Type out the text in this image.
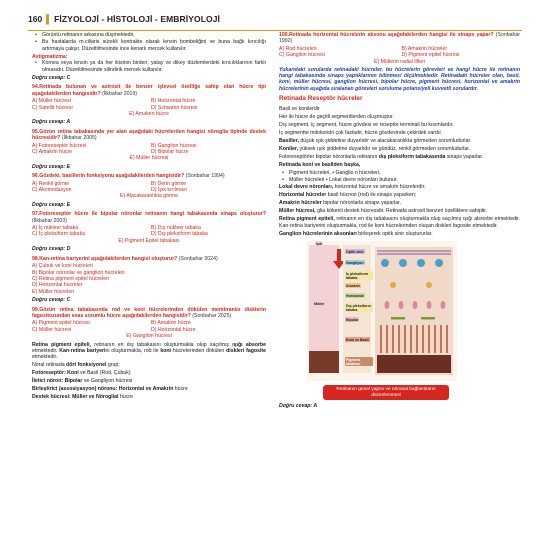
160 ▌ FİZYOLOJİ - HİSTOLOJİ - EMBRİYOLOJİ
• Görüntü retinanın arkasına düşmektedir.
• Bu hastalarda m.ciliaris sürekli kontrakte olarak lensin bombeliğini ve buna bağlı kırıcılığı artırmaya çalışır. Düzeltilmesinde ince kenarlı mercek kullanılır.
Astigmatizma:
• Kornea veya lensin ya da her ikisinin birden, yatay ve dikey düzlemlerdeki kırıcılıklarının farklı olmasıdır. Düzeltilmesinde silindirik mercek kullanılır.
Doğru cevap: C
94.Retinada bulunan ve astrosit ile benzer işlevsel özelliğe sahip olan hücre tipi aşağıdakilerden hangisidir? (İlkbahar 2019)
A) Müller hücresi	B) Horizontal hücre
C) Satellit hücresi	D) Schwann hücresi
E) Amakrin hücre
Doğru cevap: A
95.Gözün retina tabakasında yer alan aşağıdaki hücrelerden hangisi nöroglia tipinde destek hücresidir? (İlkbahar 2005)
A) Fotoreseptör hücresi	B) Ganglion hücresi
C) Amakrin hücre	D) Bipolar hücre
E) Müller hücresi
Doğru cevap: E
96.Gözdeki, basillerin fonksiyonu aşağıdakilerden hangisidir? (Sonbahar 1994)
A) Renkli görme	B) Derin görme
C) Akomodasyon	D) Işık kırılması
E) Alacakaranlıkta görme
Doğru cevap: E
97.Fotoreseptör hücre ile bipolar nöronlar retinanın hangi tabakasında sinaps oluşturur? (İlkbahar 2003)
A) İç nükleer tabaka	B) Dış nükleer tabaka
C) İç pleksiform tabaka	D) Dış pleksiform tabaka
E) Pigment Epitel tabakası
Doğru cevap: D
98.Kan-retina bariyerini aşağıdakilerden hangisi oluşturur? (Sonbahar 2024)
A) Çubuk ve koni hücreleri
B) Bipolar nöronlar ve ganglion hücreleri
C) Retina pigment epitel hücreleri
D) Horizontal hücreler
E) Müller hücreleri
Doğru cevap: C
99.Gözün retina tabakasında rod ve koni hücrelerinden dökülen membranöz disklerin fagositozundan esas sorumlu hücre aşağıdakilerden hangisidir? (Sonbahar 2025)
A) Pigment epitel hücresi	B) Amakrin hücre
C) Müller hücresi	D) Horizontal hücre
E) Ganglion hücresi
Retina pigment epiteli, retinanın en dış tabakasını oluşturmakla olup saçılmış ışığı absorbe etmektedir. Kan-retina bariyerini oluşturmakla, rod ile koni hücrelerinden dökülen diskleri fagosite etmektedir.
Nöral retinada dört fonksiyonel grup;
Fotoreseptör: Koni ve Basil (Rod, Çubuk)
İletici nöron: Bipolar ve Gangliyon hücresi
Birleştirici (assosiyasyon) nöronu: Horizontal ve Amakrin hücre
Destek hücresi: Müller ve Nöroglial hücre
100.Retinada horizontal hücrelerin aksonu aşağıdakilerden hangisi ile sinaps yapar? (Sonbahar 1992)
A) Rod hücreleri	B) Amakrin hücreler
C) Ganglion hücresi	D) Pigment epitel hücresi
E) Müllerin radial lifleri
Yukarıdaki sorularda retinadaki hücreler, bu hücrelerin görevleri ve hangi hücre ile retinanın hangi tabakasında sinaps yaptıklarının bilinmesi ölçülmektedir. Retinadaki hücreler olan, basil, koni, müller hücresi, ganglion hücresi, bipolar hücre, pigment hücresi, horizontal ve amakrin hücrelerinin aşağıda sıralanan görevleri soruluma potansiyeli kuvvetli sorulardır.
Retinada Reseptör hücreler
Basil ve konilerdir
Her iki hücre de geçitli segmentlerden oluşmuştur.
Dış segment, iç segment, hücre gövdesi ve reseptör terminali bu kısımlardır.
İç segmentte mitokondri çok fazladır, hücre gövdesinde çekirdek vardır.
Basiller, düşük ışık şiddetine duyarlıdır ve alacakaranlıkta görmeden sorumludurlar.
Koniler, yüksek ışık şiddetine duyarlıdır ve gündüz, renkli görmeden sorumludurlar.
Fotoreseptörler bipolar nöronlarla retinanın dış pleksiform tabakasında sinaps yaparlar.
Retinada koni ve basilden başka,
• Pigment hücreleri, • Ganglio n hücreleri,
• Müller hücreleri • Lokal devre nöronları bulunur.
Lokal devre nöronları, horizontal hücre ve amakrin hücrelerdir.
Horizontal hücreler basil hücresi (rod) ile sinaps yaparken;
Amakrin hücreler bipolar nöronlarla sinaps yaparlar.
Müller hücresi, glia kökenli destek hücresidir. Retinada astrosit benzeri özelliklere sahiptir.
Retina pigment epiteli, retinanın en dış tabakasını oluşturmakla olup saçılmış ışığı absorbe etmektedir. Kan-retina bariyerini oluşturmakla, rod ile koni hücrelerinden oluşan diskleri fagosite etmektedir.
Ganglion hücrelerinin aksonları birleşerek optik sinir oluştururlar.
Işık
Optik sinir
Gangliyon
İç pleksiform tabaka
Amakrin
Horizontal
Dış pleksiform tabaka
Bipolar
Koni ve Basil
Pigment tabakası
Müller
Retinanın genel yapısı ve nöronal bağlantıların düzenlenmesi
Doğru cevap: A
